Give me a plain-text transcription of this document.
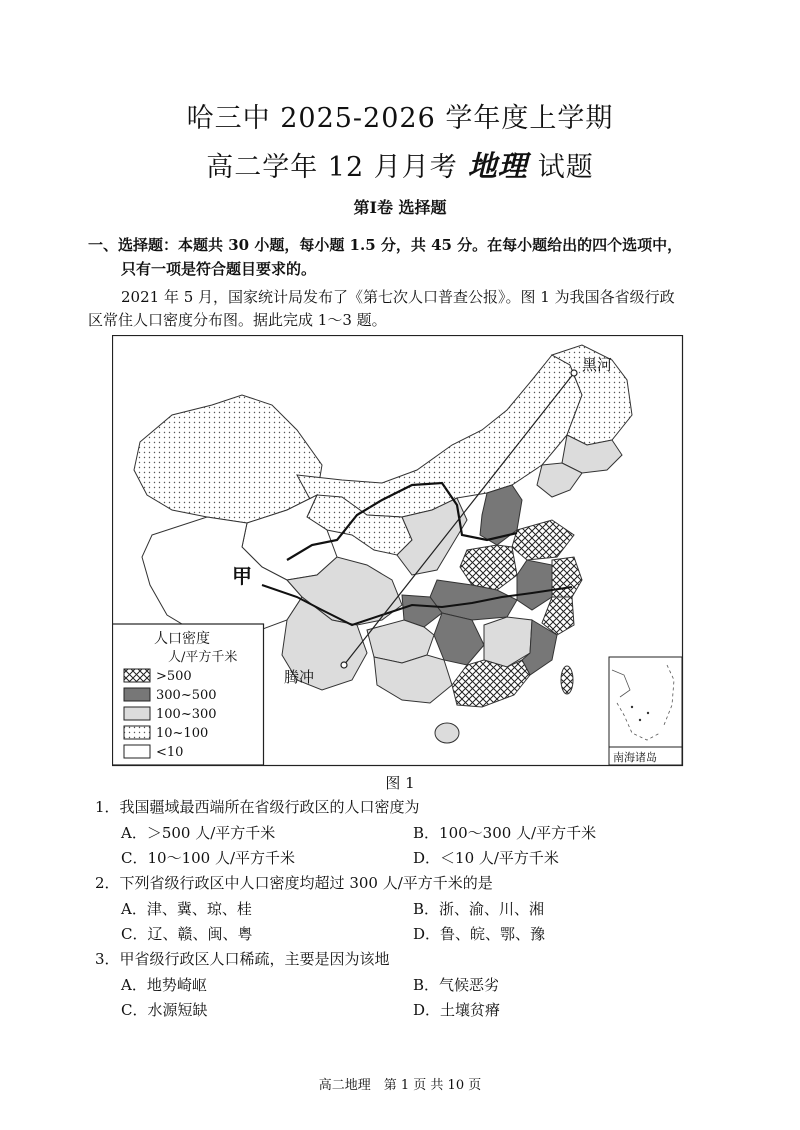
哈三中 2025-2026 学年度上学期
高二学年 12 月月考 地理 试题
第Ⅰ卷 选择题
一、选择题：本题共 30 小题，每小题 1.5 分，共 45 分。在每小题给出的四个选项中，
只有一项是符合题目要求的。
2021 年 5 月，国家统计局发布了《第七次人口普查公报》。图 1 为我国各省级行政
区常住人口密度分布图。据此完成 1～3 题。
黑河
腾冲
甲
南海诸岛
人口密度
人/平方千米
>500
300~500
100~300
10~100
<10
图 1
1．我国疆域最西端所在省级行政区的人口密度为
A．＞500 人/平方千米	B．100～300 人/平方千米
C．10～100 人/平方千米	D．＜10 人/平方千米
2．下列省级行政区中人口密度均超过 300 人/平方千米的是
A．津、冀、琼、桂	B．浙、渝、川、湘
C．辽、赣、闽、粤	D．鲁、皖、鄂、豫
3．甲省级行政区人口稀疏，主要是因为该地
A．地势崎岖	B．气候恶劣
C．水源短缺	D．土壤贫瘠
高二地理　第 1 页 共 10 页
